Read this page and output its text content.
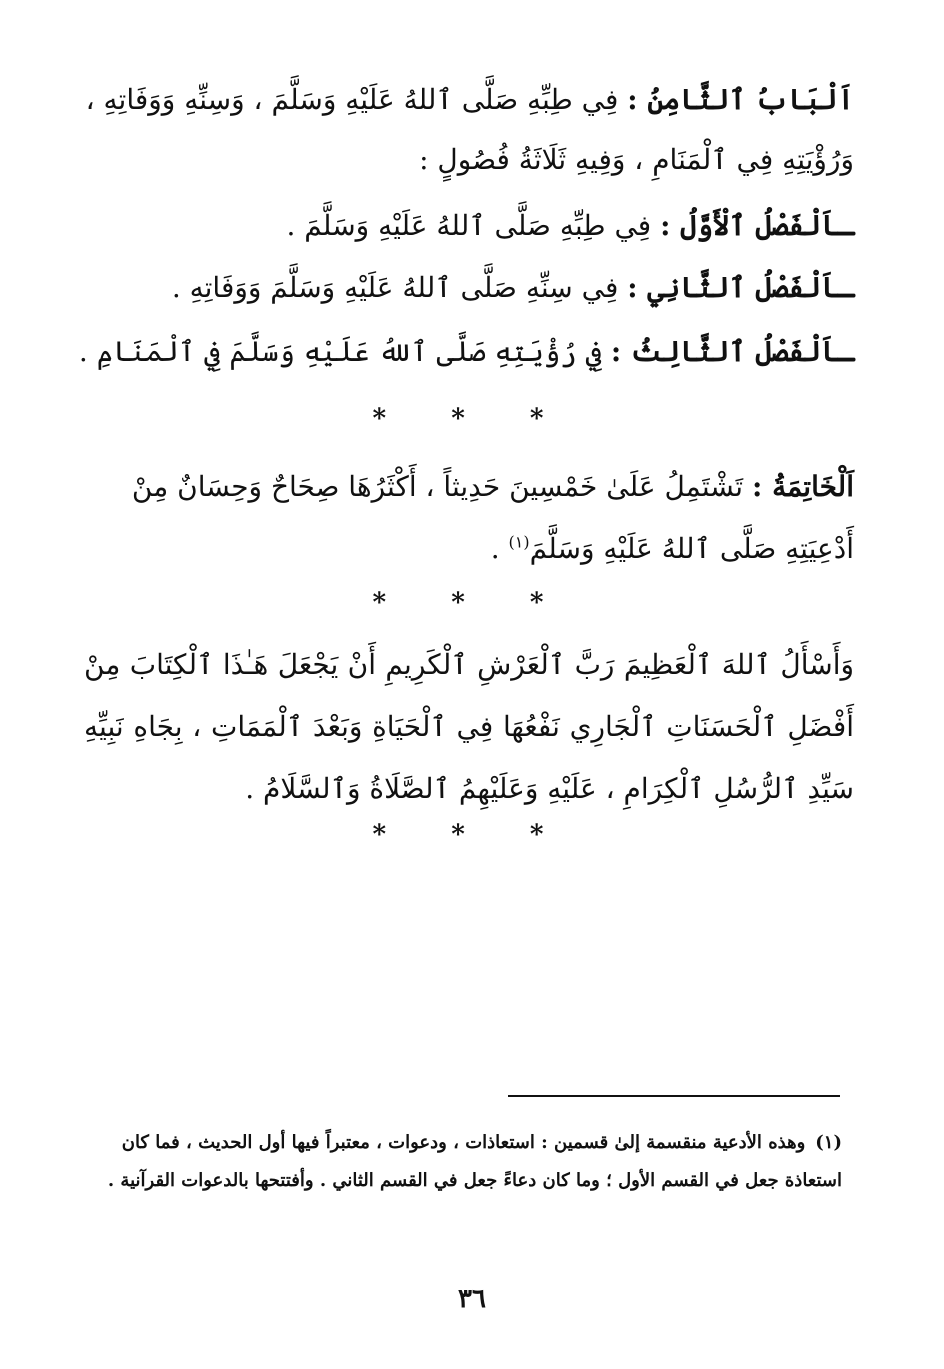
اَلْبَابُ ٱلثَّامِنُ : فِي طِبِّهِ صَلَّى ٱللهُ عَلَيْهِ وَسَلَّمَ ، وَسِنِّهِ وَوَفَاتِهِ ، وَرُؤْيَتِهِ فِي ٱلْمَنَامِ ، وَفِيهِ ثَلَاثَةُ فُصُولٍ :
ـاَلْفَصْلُ ٱلْأَوَّلُ : فِي طِبِّهِ صَلَّى ٱللهُ عَلَيْهِ وَسَلَّمَ .
ـاَلْفَصْلُ ٱلثَّانِي : فِي سِنِّهِ صَلَّى ٱللهُ عَلَيْهِ وَسَلَّمَ وَوَفَاتِهِ .
ـاَلْفَصْلُ ٱلثَّالِثُ : فِي رُؤْيَتِهِ صَلَّى ٱللهُ عَلَيْهِ وَسَلَّمَ فِي ٱلْمَنَامِ .
* * *
اَلْخَاتِمَةُ : تَشْتَمِلُ عَلَىٰ خَمْسِينَ حَدِيثاً ، أَكْثَرُهَا صِحَاحٌ وَحِسَانٌ مِنْ أَدْعِيَتِهِ صَلَّى ٱللهُ عَلَيْهِ وَسَلَّمَ$^{(١)}$ .
* * *
وَأَسْأَلُ ٱللهَ ٱلْعَظِيمَ رَبَّ ٱلْعَرْشِ ٱلْكَرِيمِ أَنْ يَجْعَلَ هَـٰذَا ٱلْكِتَابَ مِنْ أَفْضَلِ ٱلْحَسَنَاتِ ٱلْجَارِي نَفْعُهَا فِي ٱلْحَيَاةِ وَبَعْدَ ٱلْمَمَاتِ ، بِجَاهِ نَبِيِّهِ سَيِّدِ ٱلرُّسُلِ ٱلْكِرَامِ ، عَلَيْهِ وَعَلَيْهِمُ ٱلصَّلَاةُ وَٱلسَّلَامُ .
* * *
(١)وهذه الأدعية منقسمة إلىٰ قسمين : استعاذات ، ودعوات ، معتبراً فيها أول الحديث ، فما كان استعاذة جعل في القسم الأول ؛ وما كان دعاءً جعل في القسم الثاني . وأفتتحها بالدعوات القرآنية .
٣٦
